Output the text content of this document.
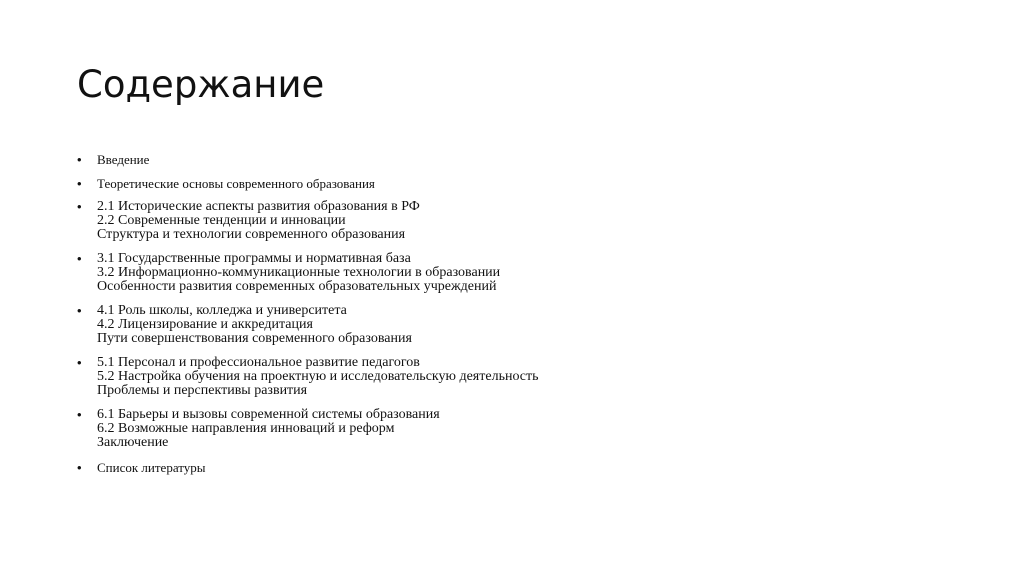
Содержание
• Введение
• Теоретические основы современного образования
• 2.1 Исторические аспекты развития образования в РФ
2.2 Современные тенденции и инновации
Структура и технологии современного образования
• 3.1 Государственные программы и нормативная база
3.2 Информационно-коммуникационные технологии в образовании
Особенности развития современных образовательных учреждений
• 4.1 Роль школы, колледжа и университета
4.2 Лицензирование и аккредитация
Пути совершенствования современного образования
• 5.1 Персонал и профессиональное развитие педагогов
5.2 Настройка обучения на проектную и исследовательскую деятельность
Проблемы и перспективы развития
• 6.1 Барьеры и вызовы современной системы образования
6.2 Возможные направления инноваций и реформ
Заключение
• Список литературы
